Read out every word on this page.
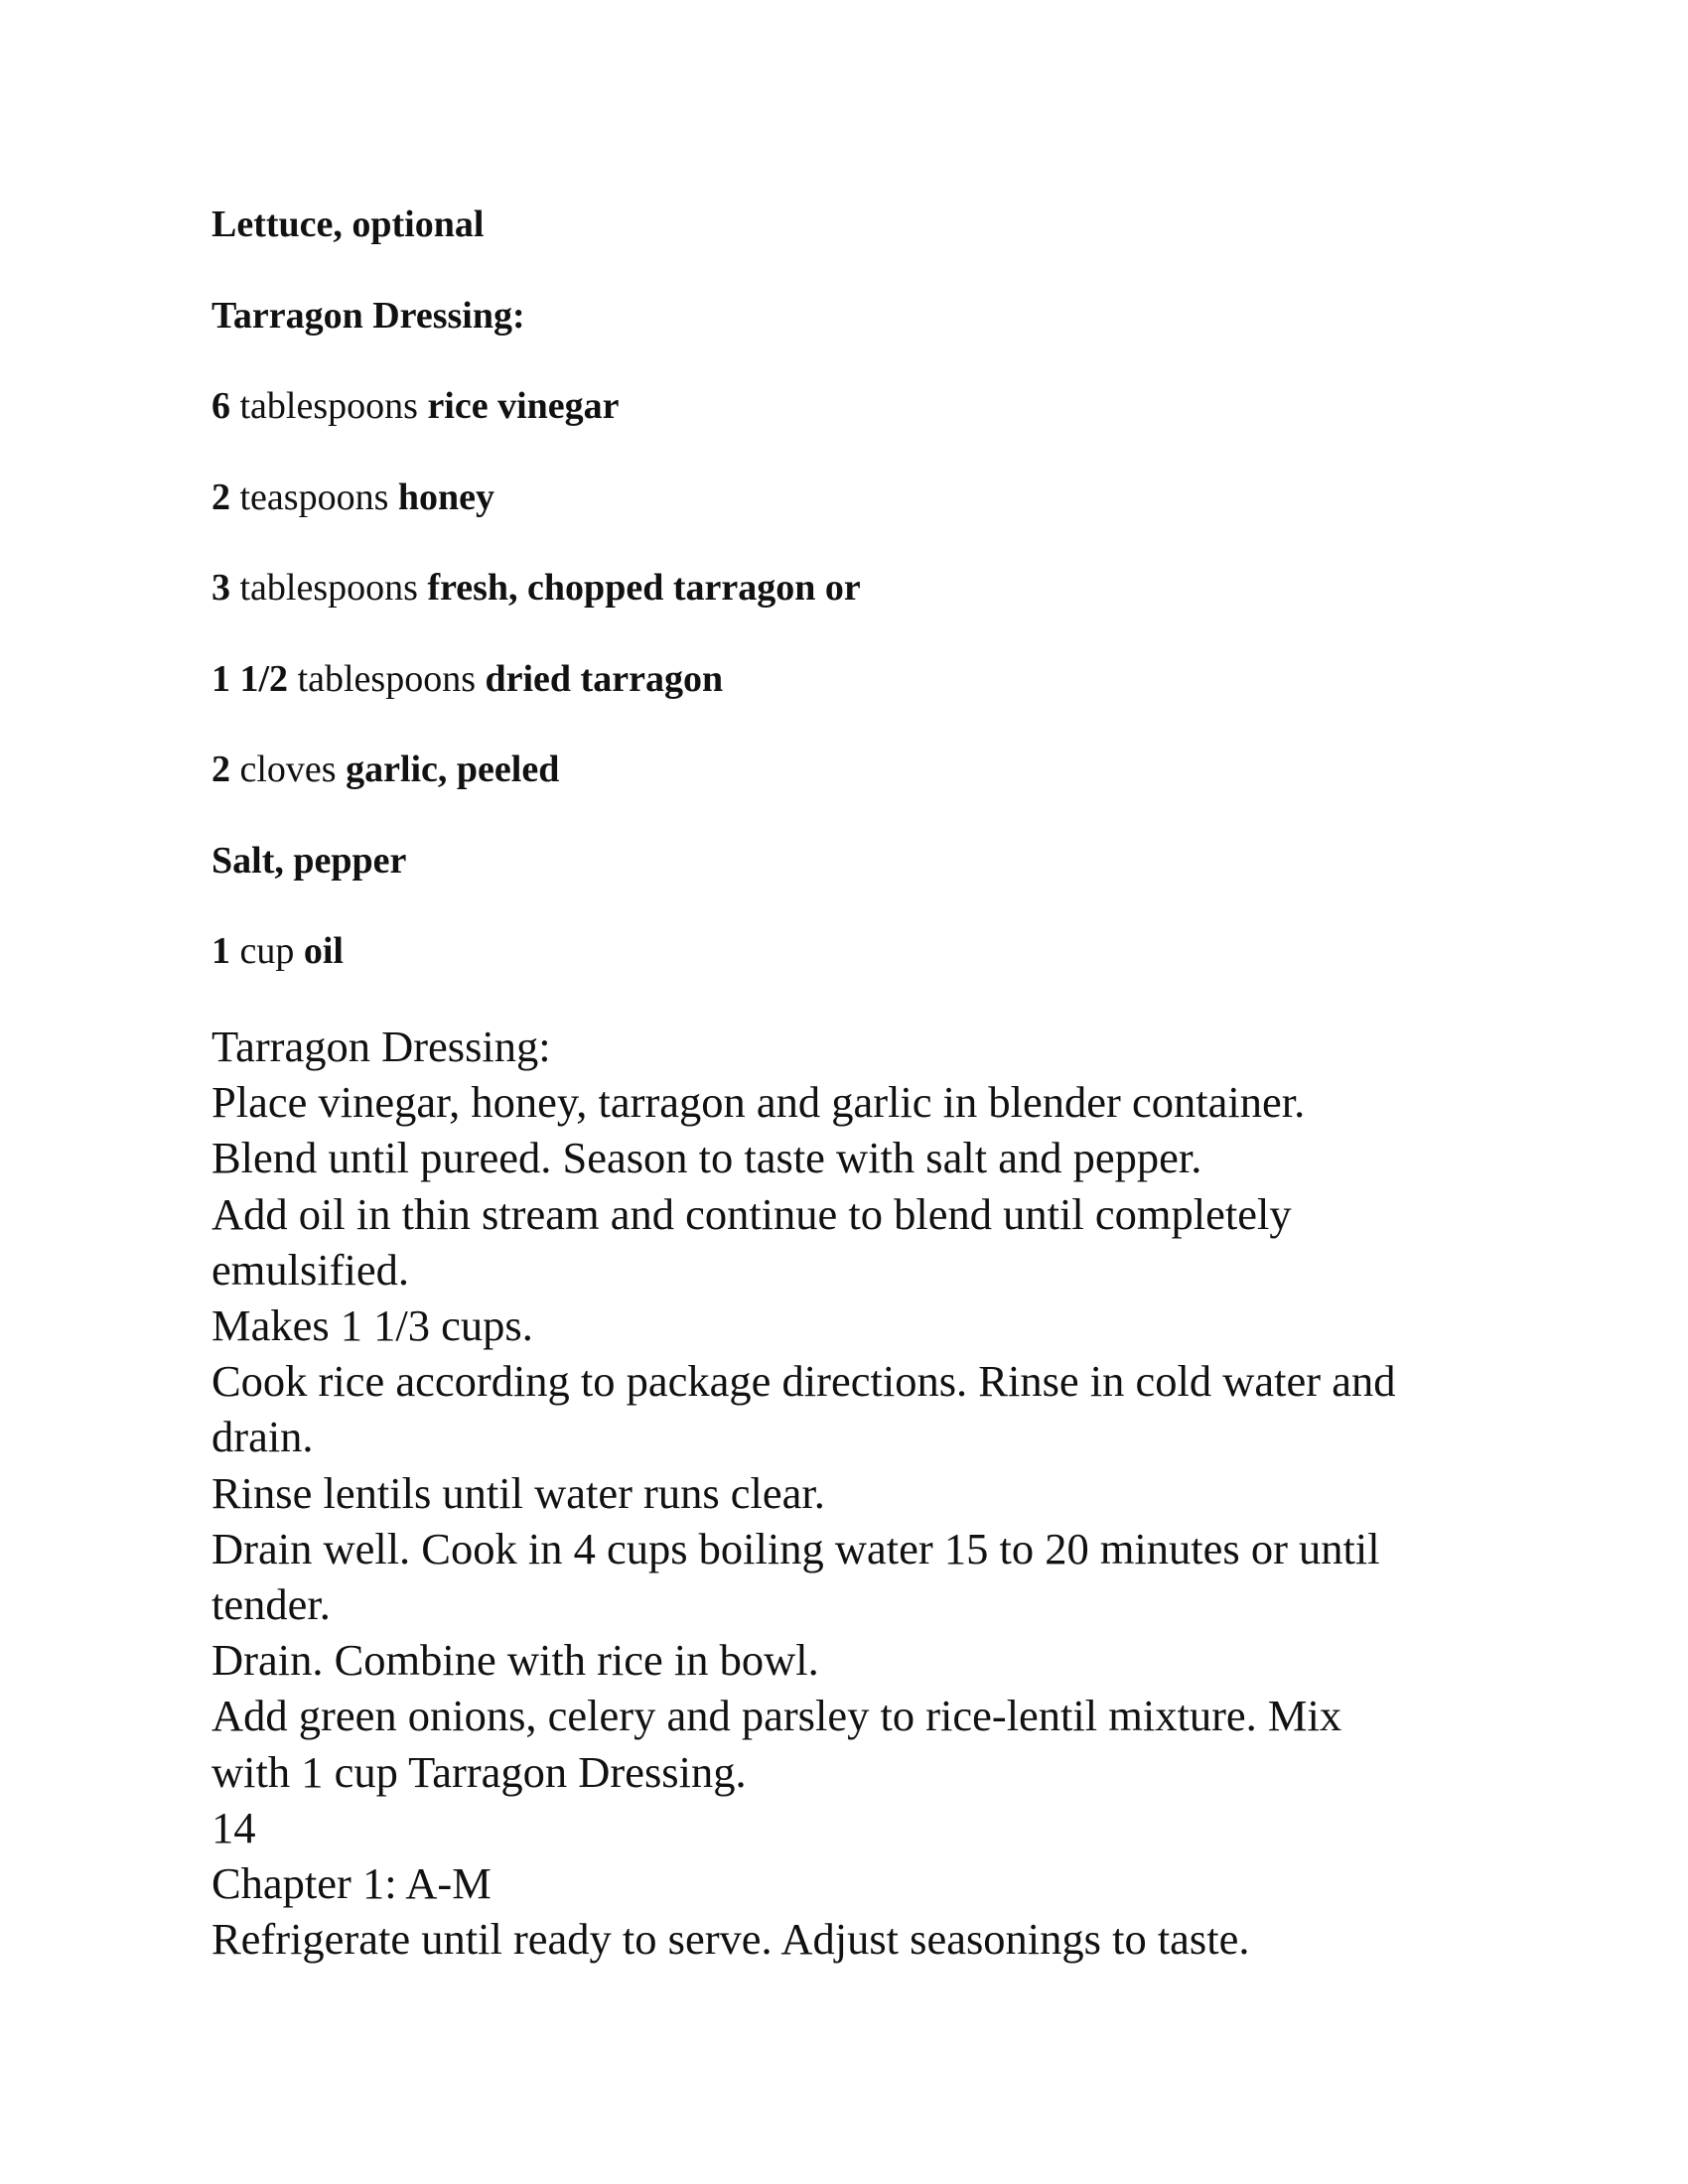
Lettuce, optional
Tarragon Dressing:
6 tablespoons rice vinegar
2 teaspoons honey
3 tablespoons fresh, chopped tarragon or
1 1/2 tablespoons dried tarragon
2 cloves garlic, peeled
Salt, pepper
1 cup oil
Tarragon Dressing:
Place vinegar, honey, tarragon and garlic in blender container.
Blend until pureed. Season to taste with salt and pepper.
Add oil in thin stream and continue to blend until completely
emulsified.
Makes 1 1/3 cups.
Cook rice according to package directions. Rinse in cold water and
drain.
Rinse lentils until water runs clear.
Drain well. Cook in 4 cups boiling water 15 to 20 minutes or until
tender.
Drain. Combine with rice in bowl.
Add green onions, celery and parsley to rice-lentil mixture. Mix
with 1 cup Tarragon Dressing.
14
Chapter 1: A-M
Refrigerate until ready to serve. Adjust seasonings to taste.
